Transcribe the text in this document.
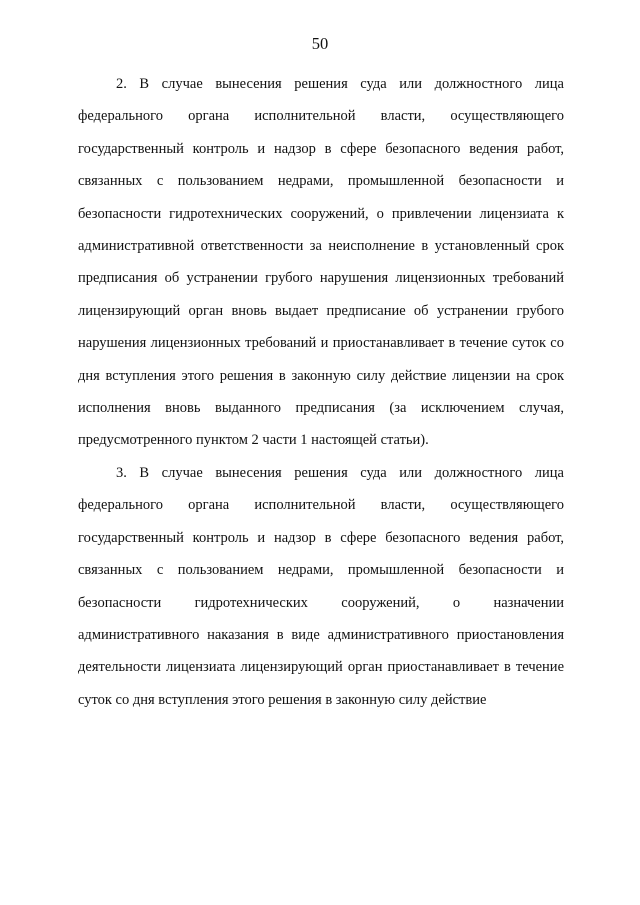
50

2. В случае вынесения решения суда или должностного лица федерального органа исполнительной власти, осуществляющего государственный контроль и надзор в сфере безопасного ведения работ, связанных с пользованием недрами, промышленной безопасности и безопасности гидротехнических сооружений, о привлечении лицензиата к административной ответственности за неисполнение в установленный срок предписания об устранении грубого нарушения лицензионных требований лицензирующий орган вновь выдает предписание об устранении грубого нарушения лицензионных требований и приостанавливает в течение суток со дня вступления этого решения в законную силу действие лицензии на срок исполнения вновь выданного предписания (за исключением случая, предусмотренного пунктом 2 части 1 настоящей статьи).

3. В случае вынесения решения суда или должностного лица федерального органа исполнительной власти, осуществляющего государственный контроль и надзор в сфере безопасного ведения работ, связанных с пользованием недрами, промышленной безопасности и безопасности гидротехнических сооружений, о назначении административного наказания в виде административного приостановления деятельности лицензиата лицензирующий орган приостанавливает в течение суток со дня вступления этого решения в законную силу действие
